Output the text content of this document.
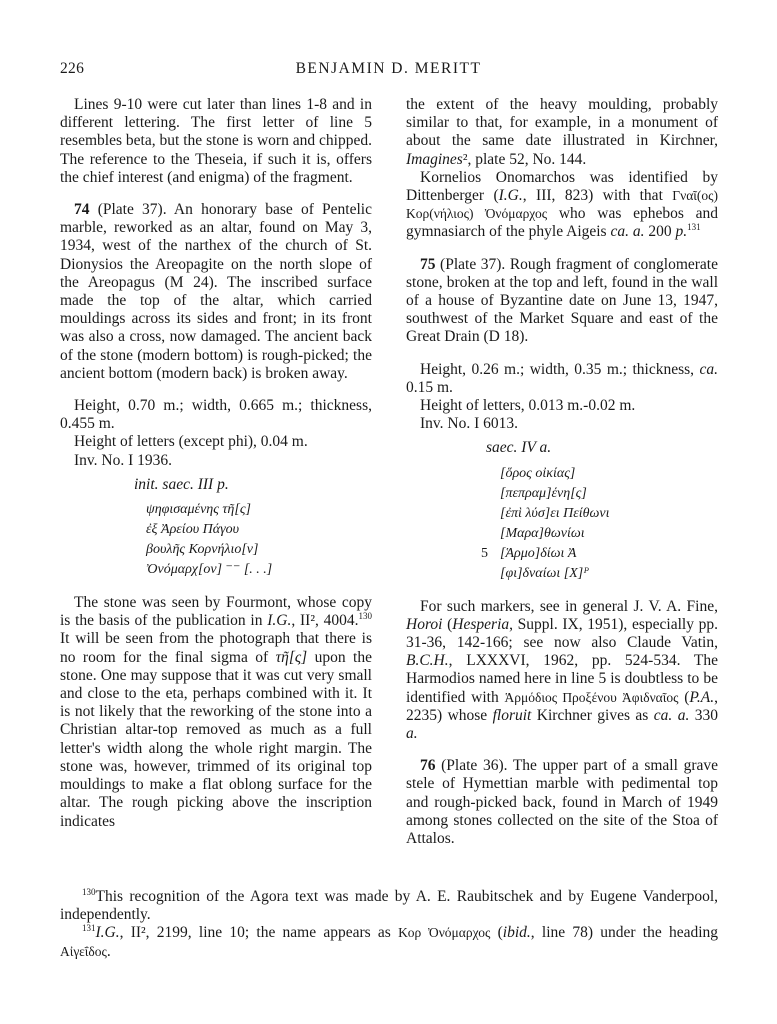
226	BENJAMIN D. MERITT

Lines 9-10 were cut later than lines 1-8 and in different lettering. The first letter of line 5 resembles beta, but the stone is worn and chipped. The reference to the Theseia, if such it is, offers the chief interest (and enigma) of the fragment.

74 (Plate 37). An honorary base of Pentelic marble, reworked as an altar, found on May 3, 1934, west of the narthex of the church of St. Dionysios the Areopagite on the north slope of the Areopagus (M 24). The inscribed surface made the top of the altar, which carried mouldings across its sides and front; in its front was also a cross, now damaged. The ancient back of the stone (modern bottom) is rough-picked; the ancient bottom (modern back) is broken away.

Height, 0.70 m.; width, 0.665 m.; thickness, 0.455 m.

Height of letters (except phi), 0.04 m.

Inv. No. I 1936.

init. saec. III p.
ψηφισαμένης τῆ[ς]
ἐξ Ἀρείου Πάγου
βουλῆς Κορνήλιο[ν]
Ὀνόμαρχ[ον] ⁻⁻ [. . .]

The stone was seen by Fourmont, whose copy is the basis of the publication in I.G., II², 4004.$^{130}$ It will be seen from the photograph that there is no room for the final sigma of τῆ[ς] upon the stone. One may suppose that it was cut very small and close to the eta, perhaps combined with it. It is not likely that the reworking of the stone into a Christian altar-top removed as much as a full letter's width along the whole right margin. The stone was, however, trimmed of its original top mouldings to make a flat oblong surface for the altar. The rough picking above the inscription indicates

the extent of the heavy moulding, probably similar to that, for example, in a monument of about the same date illustrated in Kirchner, Imagines², plate 52, No. 144.

Kornelios Onomarchos was identified by Dittenberger (I.G., III, 823) with that Γναῖ(ος) Κορ(νήλιος) Ὀνόμαρχος who was ephebos and gymnasiarch of the phyle Aigeis ca. a. 200 p.$^{131}$

75 (Plate 37). Rough fragment of conglomerate stone, broken at the top and left, found in the wall of a house of Byzantine date on June 13, 1947, southwest of the Market Square and east of the Great Drain (D 18).

Height, 0.26 m.; width, 0.35 m.; thickness, ca. 0.15 m.

Height of letters, 0.013 m.-0.02 m.

Inv. No. I 6013.

saec. IV a.
[ὅρος οἰκίας]
[πεπραμ]ένη[ς]
[ἐπὶ λύσ]ει Πείθωνι
[Μαρα]θωνίωι
5 [Ἁρμο]δίωι Ἀ
[φι]δναίωι [Χ]ᴾ

For such markers, see in general J. V. A. Fine, Horoi (Hesperia, Suppl. IX, 1951), especially pp. 31-36, 142-166; see now also Claude Vatin, B.C.H., LXXXVI, 1962, pp. 524-534. The Harmodios named here in line 5 is doubtless to be identified with Ἁρμόδιος Προξένου Ἀφιδναῖος (P.A., 2235) whose floruit Kirchner gives as ca. a. 330 a.

76 (Plate 36). The upper part of a small grave stele of Hymettian marble with pedimental top and rough-picked back, found in March of 1949 among stones collected on the site of the Stoa of Attalos.

$^{130}$This recognition of the Agora text was made by A. E. Raubitschek and by Eugene Vanderpool, independently.

$^{131}$I.G., II², 2199, line 10; the name appears as Κορ Ὀνόμαρχος (ibid., line 78) under the heading Αἰγεΐδος.
